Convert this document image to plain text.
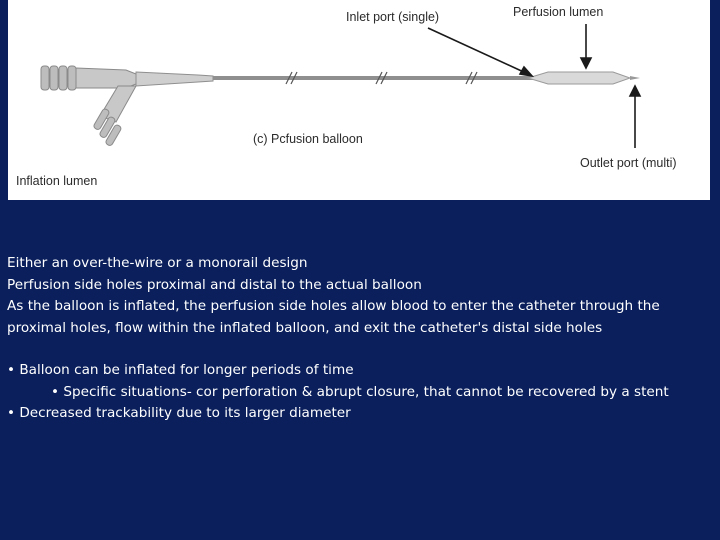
Inlet port (single)	Perfusion lumen
(c) Pcfusion balloon
Outlet port (multi)
Inflation lumen

Either an over-the-wire or a monorail design

Perfusion side holes proximal and distal to the actual balloon

As the balloon is inflated, the perfusion side holes allow blood to enter the catheter through the proximal holes, flow within the inflated balloon, and exit the catheter's distal side holes

• Balloon can be inflated for longer periods of time

• Specific situations- cor perforation & abrupt closure, that cannot be recovered by a stent

• Decreased trackability due to its larger diameter
